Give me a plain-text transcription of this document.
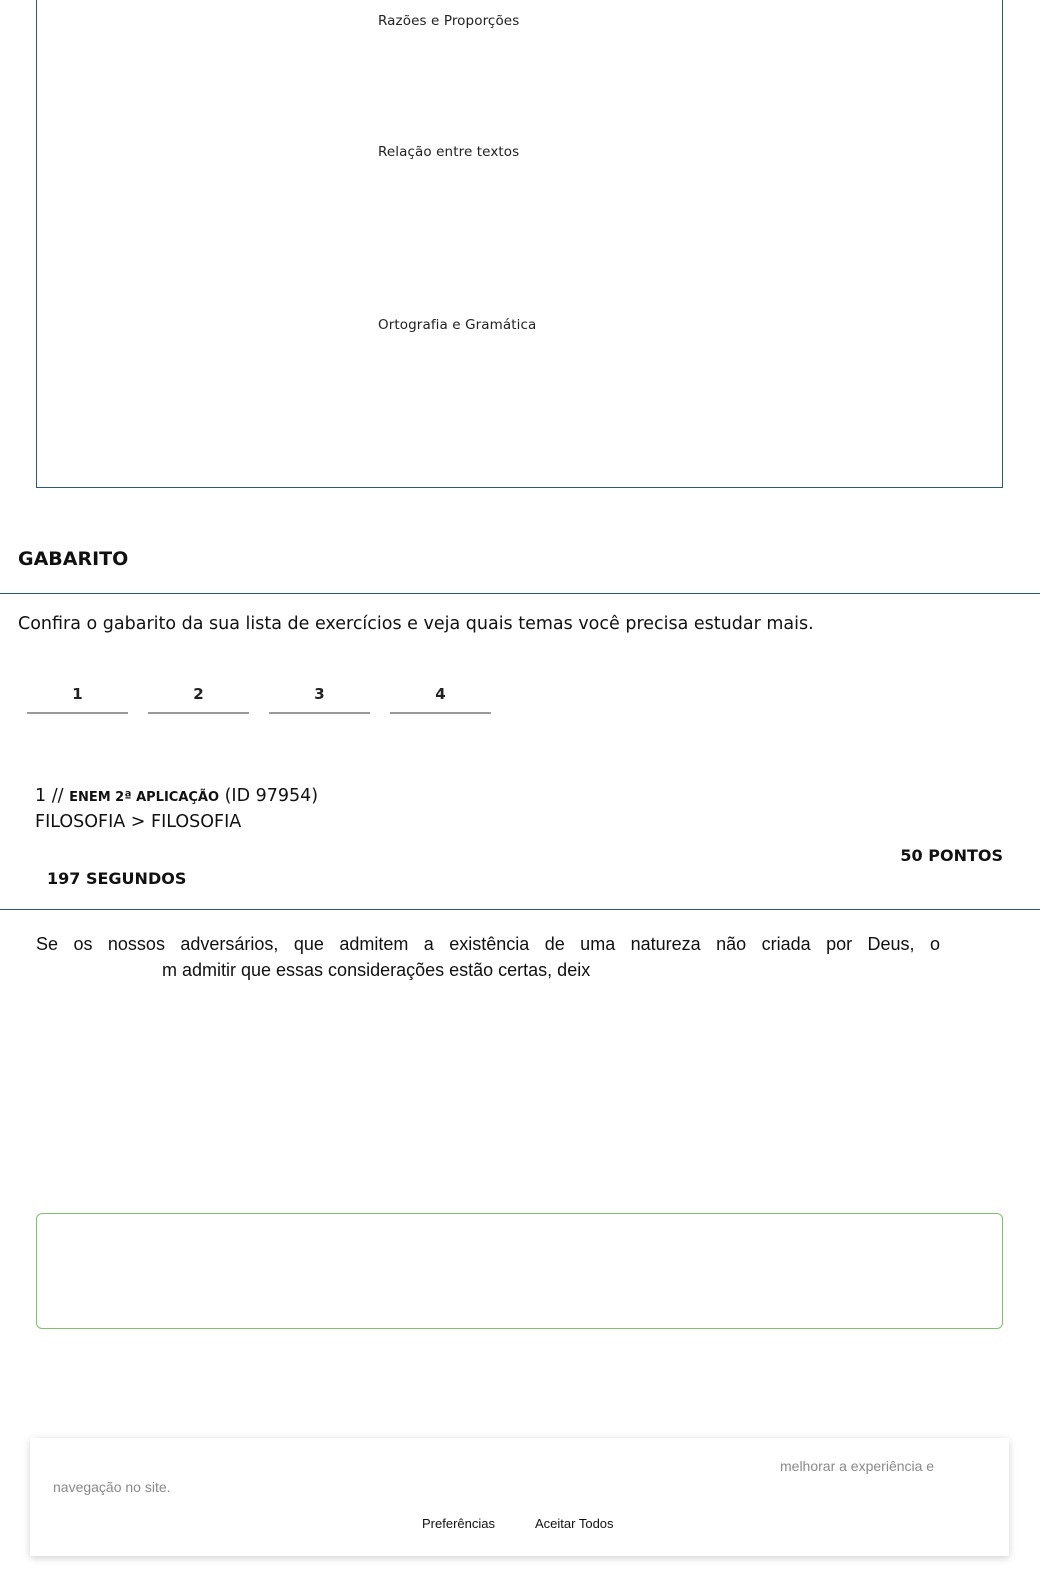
Razões e Proporções
Relação entre textos
Ortografia e Gramática
GABARITO

Confira o gabarito da sua lista de exercícios e veja quais temas você precisa estudar mais.

1	2	3	4
1 // ENEM 2ª APLICAÇÃO (ID 97954)
FILOSOFIA > FILOSOFIA
50 PONTOS
197 SEGUNDOS
Se os nossos adversários, que admitem a existência de uma natureza não criada por Deus, o
m admitir que essas considerações estão certas, deix
melhorar a experiência e
navegação no site.
Preferências	Aceitar Todos
